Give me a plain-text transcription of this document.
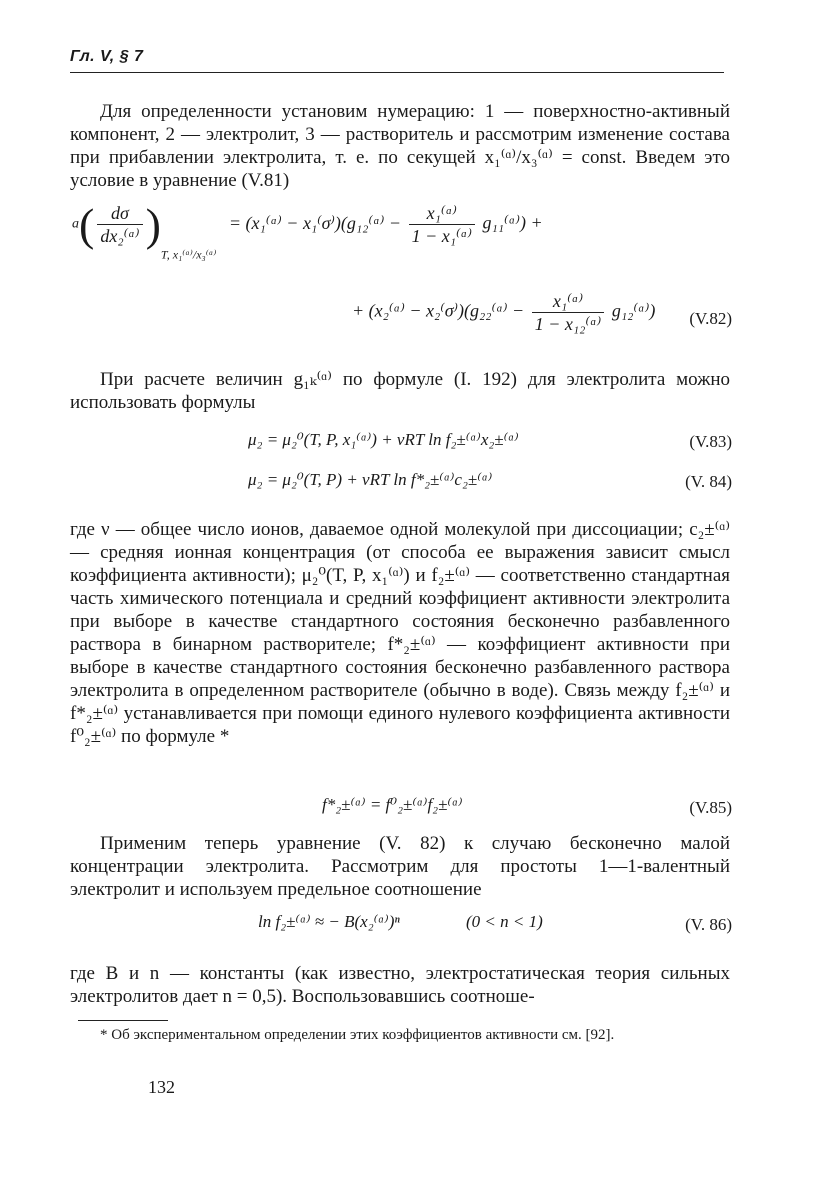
Гл. V, § 7

Для определенности установим нумерацию: 1 — поверхностно-активный компонент, 2 — электролит, 3 — растворитель и рассмотрим изменение состава при прибавлении электролита, т. е. по секущей x₁⁽ᵅ⁾/x₃⁽ᵅ⁾ = const. Введем это условие в уравнение (V.81)

$a( \frac{d\sigma}{\text{dx₂⁽ᵅ⁾}} )_{T, x_1^(ᵅ^)/x_3^(ᵅ^)}$ = (x₁⁽ᵅ⁾ − x₁⁽σ⁾)(g₁₂⁽ᵅ⁾ − $\frac{\text{x₁⁽ᵅ⁾}}{\text{1 − x₁⁽ᵅ⁾}}$ g₁₁⁽ᵅ⁾) +
+ (x₂⁽ᵅ⁾ − x₂⁽σ⁾)(g₂₂⁽ᵅ⁾ − $\frac{\text{x₁⁽ᵅ⁾}}{\text{1 − x₁₂⁽ᵅ⁾}}$ g₁₂⁽ᵅ⁾) (V.82)

При расчете величин g₁ₖ⁽ᵅ⁾ по формуле (I. 192) для электролита можно использовать формулы

μ₂ = μ₂⁰(T, P, x₁⁽ᵅ⁾) + νRT ln f₂±⁽ᵅ⁾x₂±⁽ᵅ⁾	(V.83)
μ₂ = μ₂⁰(T, P) + νRT ln f*₂±⁽ᵅ⁾c₂±⁽ᵅ⁾	(V. 84)

где ν — общее число ионов, даваемое одной молекулой при диссоциации; c₂±⁽ᵅ⁾ — средняя ионная концентрация (от способа ее выражения зависит смысл коэффициента активности); μ₂⁰(T, P, x₁⁽ᵅ⁾) и f₂±⁽ᵅ⁾ — соответственно стандартная часть химического потенциала и средний коэффициент активности электролита при выборе в качестве стандартного состояния бесконечно разбавленного раствора в бинарном растворителе; f*₂±⁽ᵅ⁾ — коэффициент активности при выборе в качестве стандартного состояния бесконечно разбавленного раствора электролита в определенном растворителе (обычно в воде). Связь между f₂±⁽ᵅ⁾ и f*₂±⁽ᵅ⁾ устанавливается при помощи единого нулевого коэффициента активности f⁰₂±⁽ᵅ⁾ по формуле *

f*₂±⁽ᵅ⁾ = f⁰₂±⁽ᵅ⁾f₂±⁽ᵅ⁾	(V.85)

Применим теперь уравнение (V. 82) к случаю бесконечно малой концентрации электролита. Рассмотрим для простоты 1—1-валентный электролит и используем предельное соотношение

ln f₂±⁽ᵅ⁾ ≈ − B(x₂⁽ᵅ⁾)ⁿ	(0 < n < 1)	(V. 86)

где B и n — константы (как известно, электростатическая теория сильных электролитов дает n = 0,5). Воспользовавшись соотноше-

* Об экспериментальном определении этих коэффициентов активности см. [92].

132
